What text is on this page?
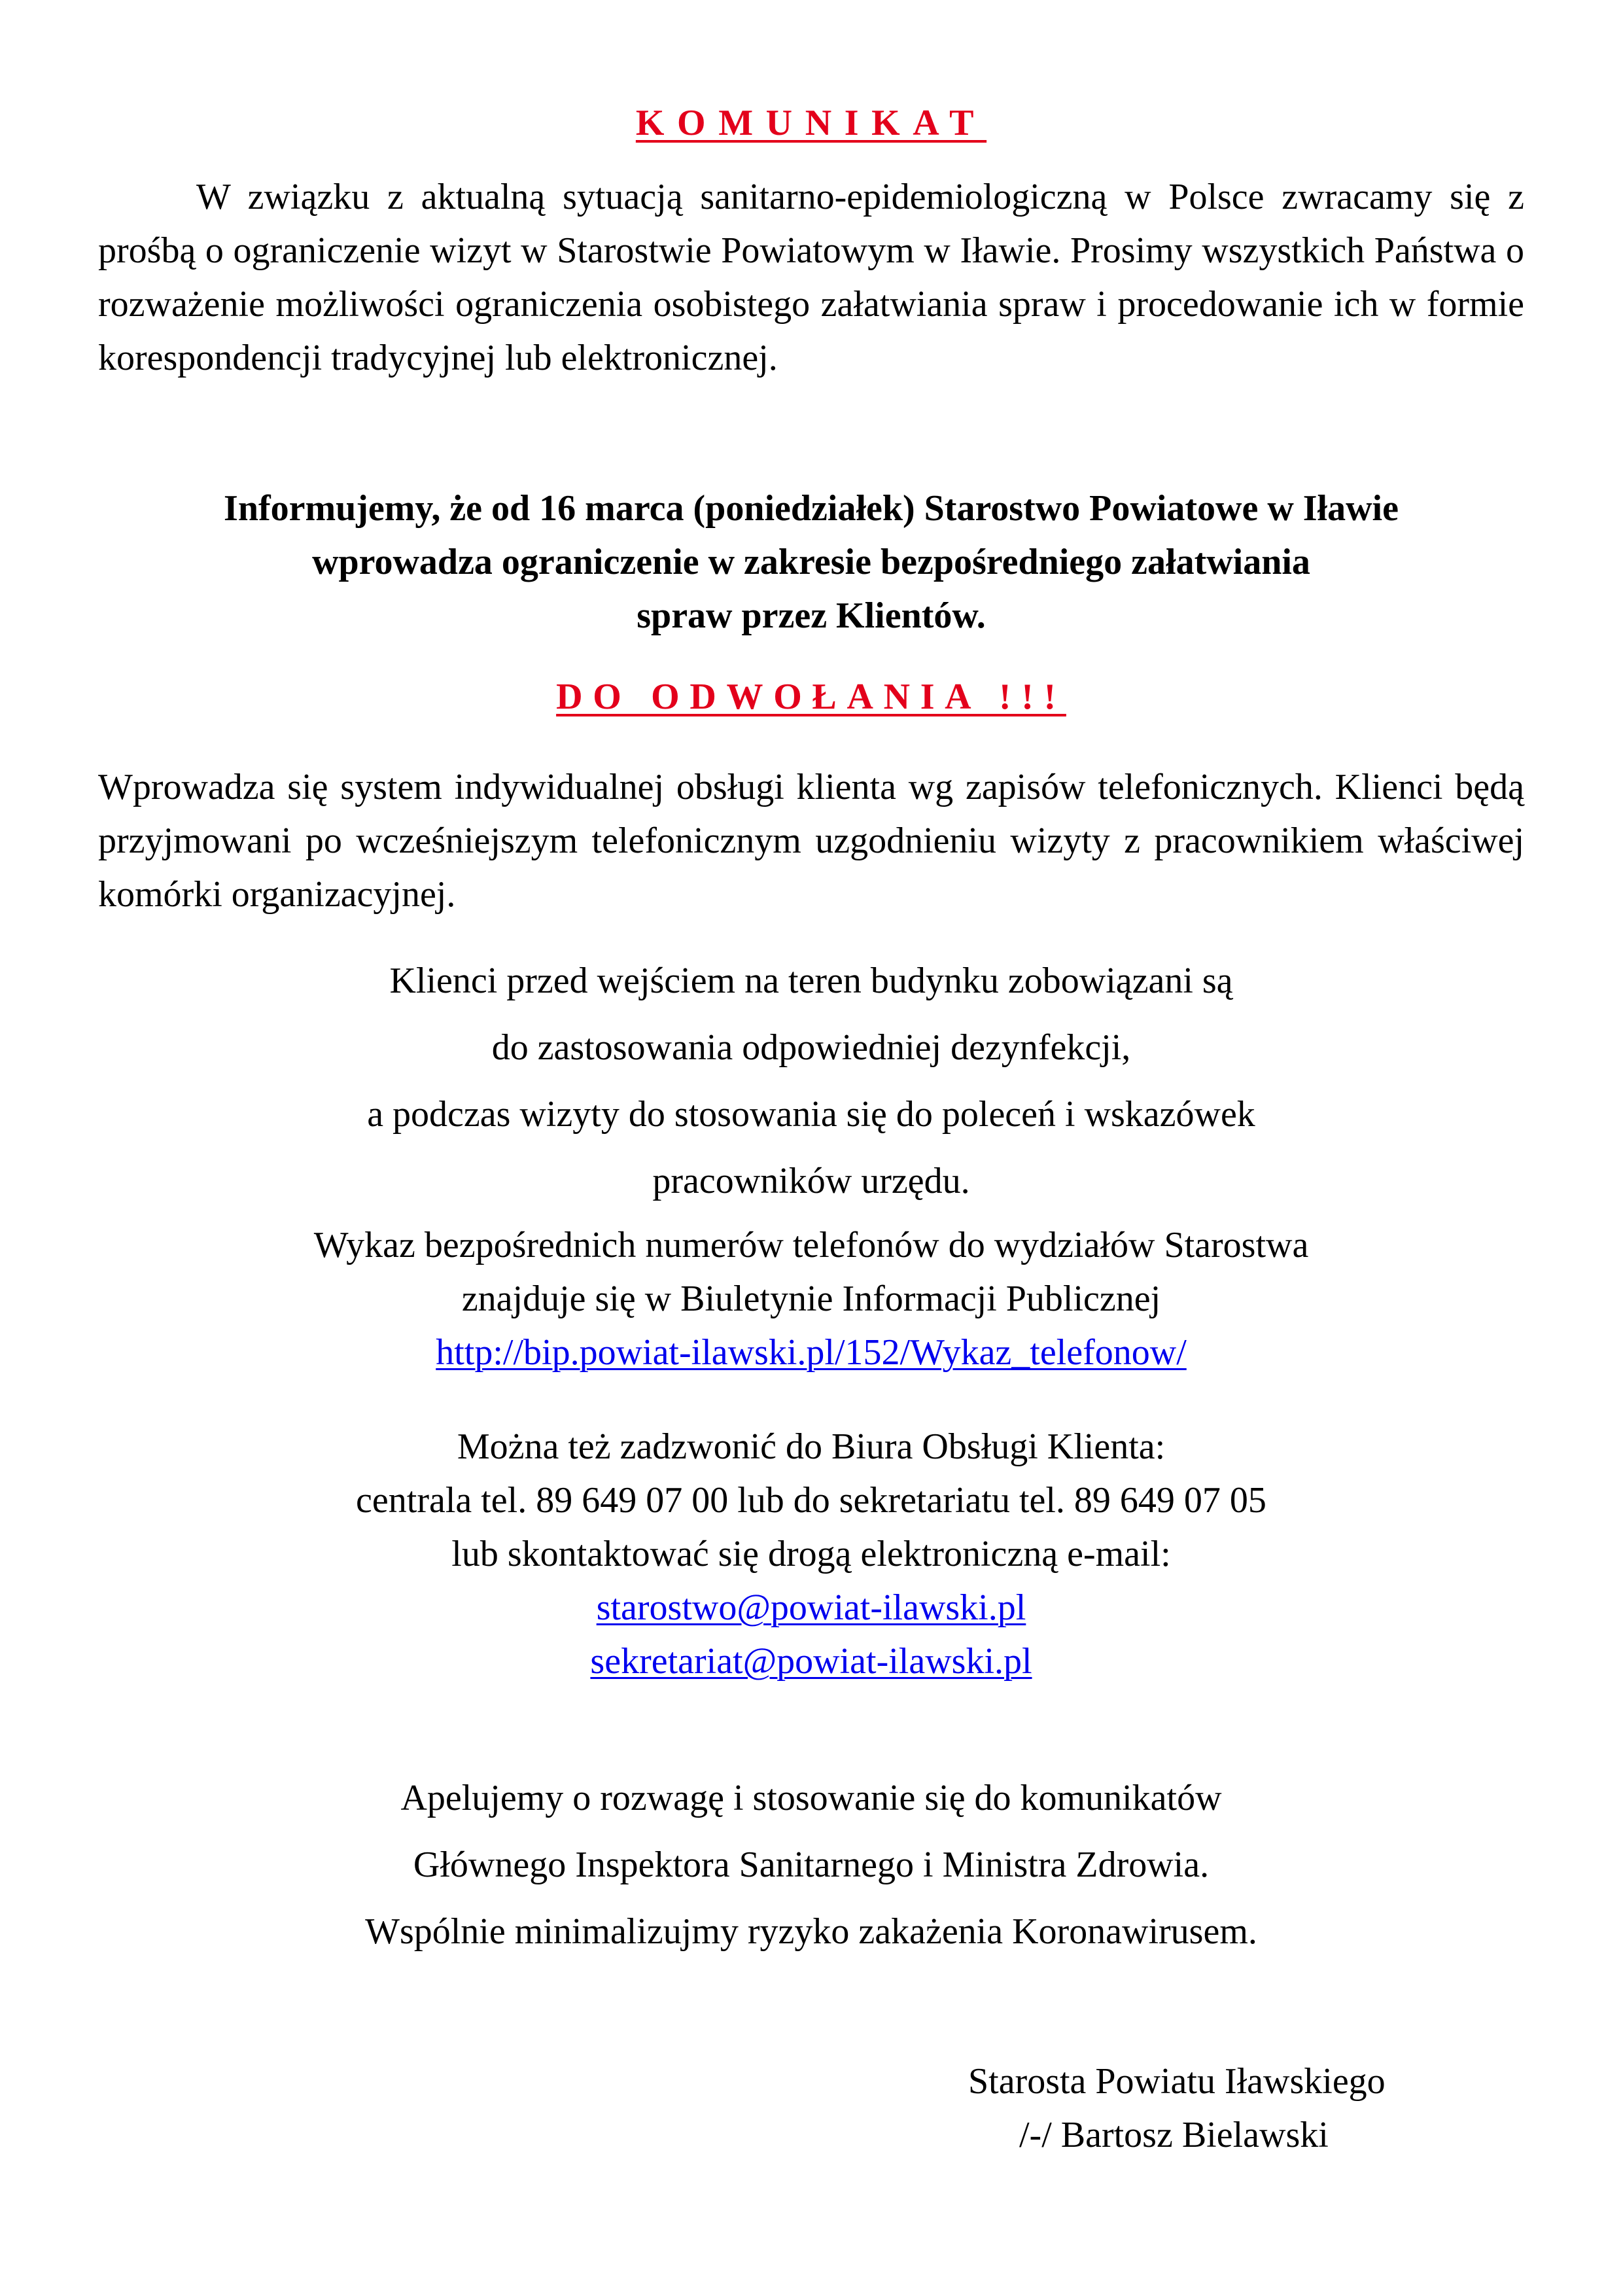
KOMUNIKAT

W związku z aktualną sytuacją sanitarno-epidemiologiczną w Polsce zwracamy się z prośbą o ograniczenie wizyt w Starostwie Powiatowym w Iławie. Prosimy wszystkich Państwa o rozważenie możliwości ograniczenia osobistego załatwiania spraw i procedowanie ich w formie korespondencji tradycyjnej lub elektronicznej.

Informujemy, że od 16 marca (poniedziałek) Starostwo Powiatowe w Iławie
wprowadza ograniczenie w zakresie bezpośredniego załatwiania
spraw przez Klientów.
DO ODWOŁANIA !!!

Wprowadza się system indywidualnej obsługi klienta wg zapisów telefonicznych. Klienci będą przyjmowani po wcześniejszym telefonicznym uzgodnieniu wizyty z pracownikiem właściwej komórki organizacyjnej.

Klienci przed wejściem na teren budynku zobowiązani są
do zastosowania odpowiedniej dezynfekcji,
a podczas wizyty do stosowania się do poleceń i wskazówek
pracowników urzędu.
Wykaz bezpośrednich numerów telefonów do wydziałów Starostwa
znajduje się w Biuletynie Informacji Publicznej
http://bip.powiat-ilawski.pl/152/Wykaz_telefonow/
Można też zadzwonić do Biura Obsługi Klienta:
centrala tel. 89 649 07 00 lub do sekretariatu tel. 89 649 07 05
lub skontaktować się drogą elektroniczną e-mail:
starostwo@powiat-ilawski.pl
sekretariat@powiat-ilawski.pl
Apelujemy o rozwagę i stosowanie się do komunikatów
Głównego Inspektora Sanitarnego i Ministra Zdrowia.
Wspólnie minimalizujmy ryzyko zakażenia Koronawirusem.
Starosta Powiatu Iławskiego
/-/ Bartosz Bielawski
